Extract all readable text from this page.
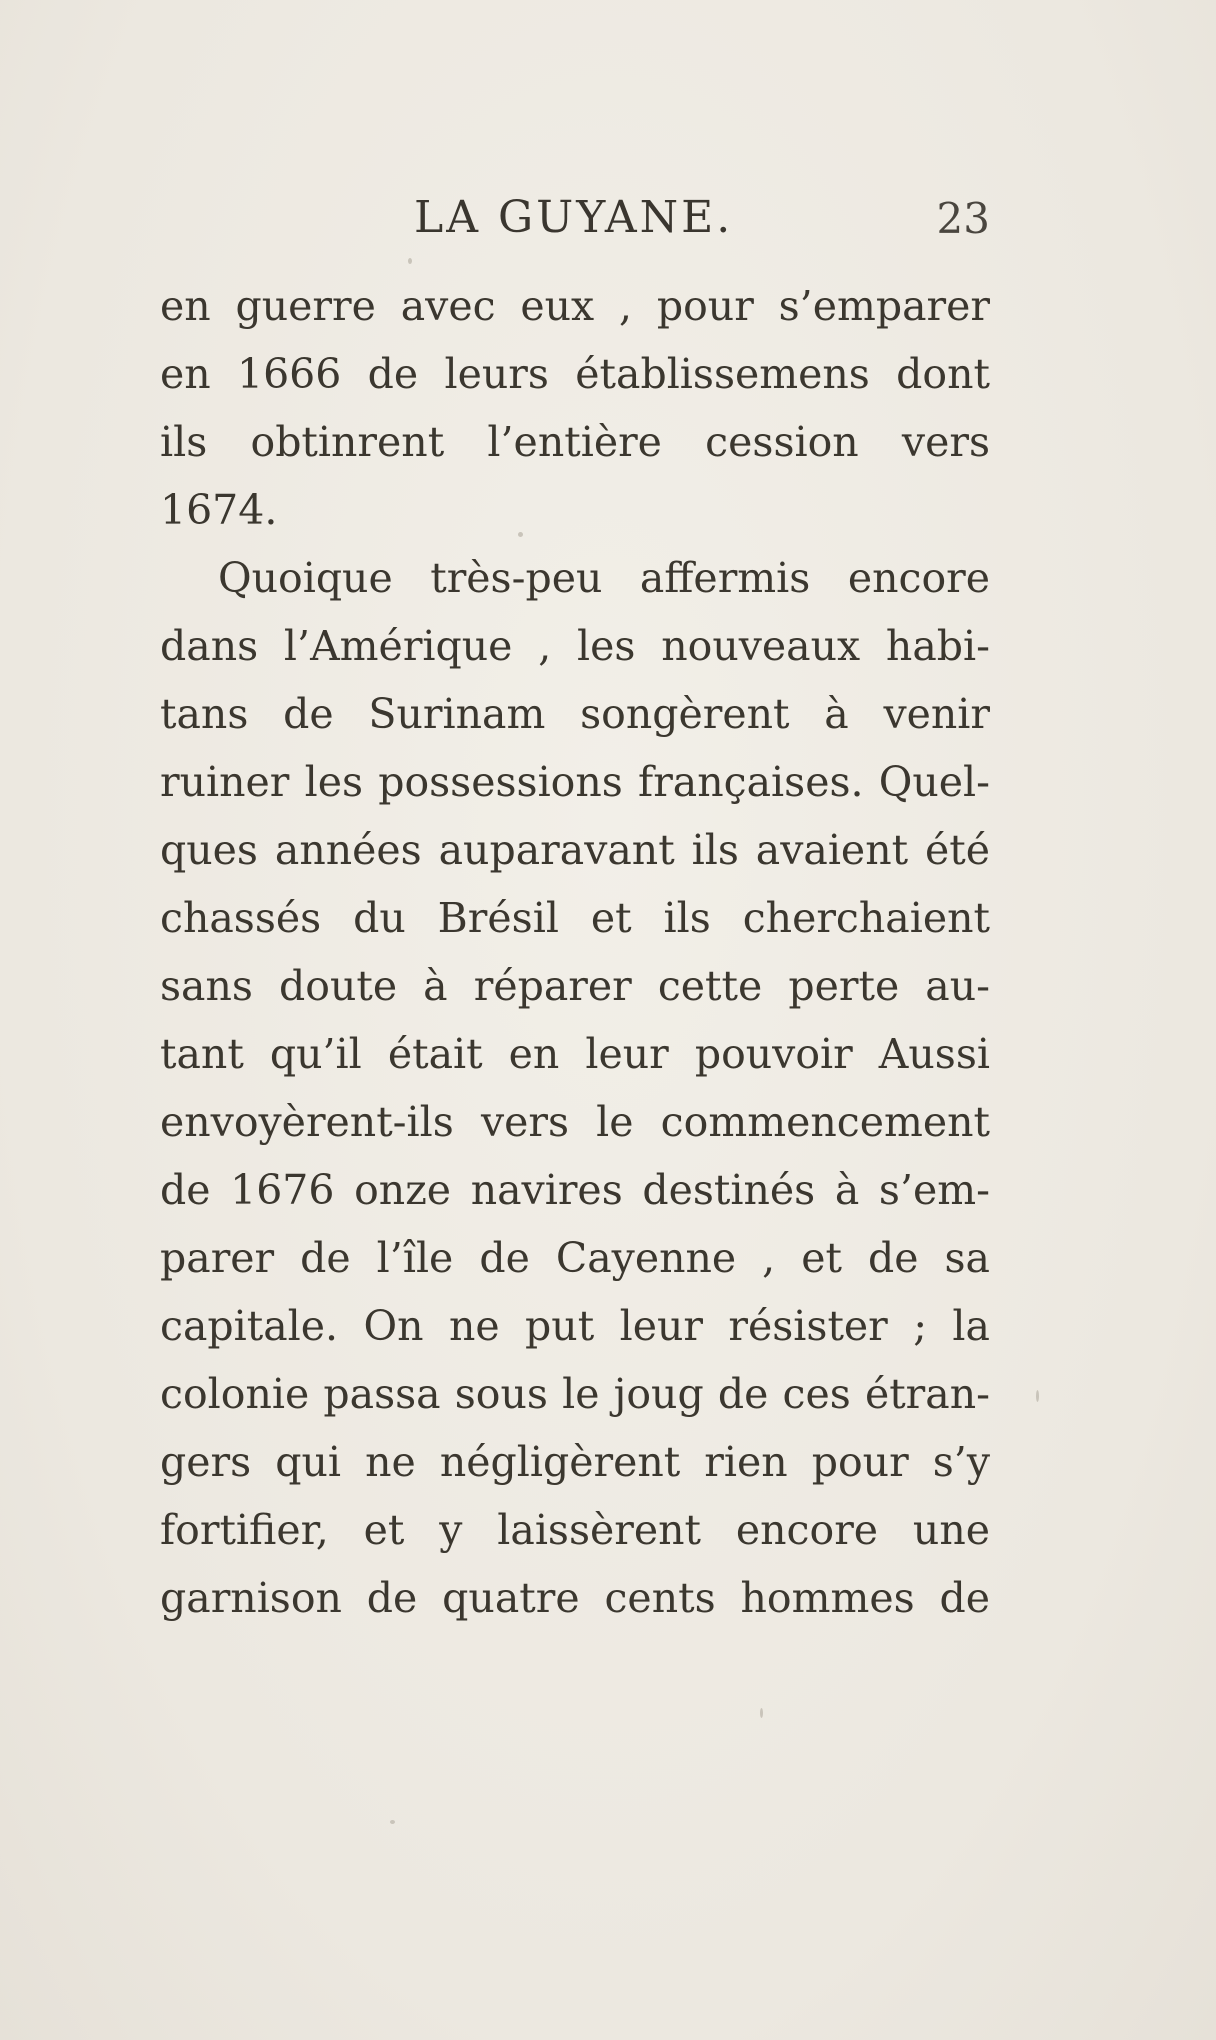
LA GUYANE.	23
en guerre avec eux , pour s’emparer
en 1666 de leurs établissemens dont
ils obtinrent l’entière cession vers
1674.
Quoique très-peu affermis encore
dans l’Amérique , les nouveaux habi-
tans de Surinam songèrent à venir
ruiner les possessions françaises. Quel-
ques années auparavant ils avaient été
chassés du Brésil et ils cherchaient
sans doute à réparer cette perte au-
tant qu’il était en leur pouvoir Aussi
envoyèrent-ils vers le commencement
de 1676 onze navires destinés à s’em-
parer de l’île de Cayenne , et de sa
capitale. On ne put leur résister ; la
colonie passa sous le joug de ces étran-
gers qui ne négligèrent rien pour s’y
fortifier, et y laissèrent encore une
garnison de quatre cents hommes de
